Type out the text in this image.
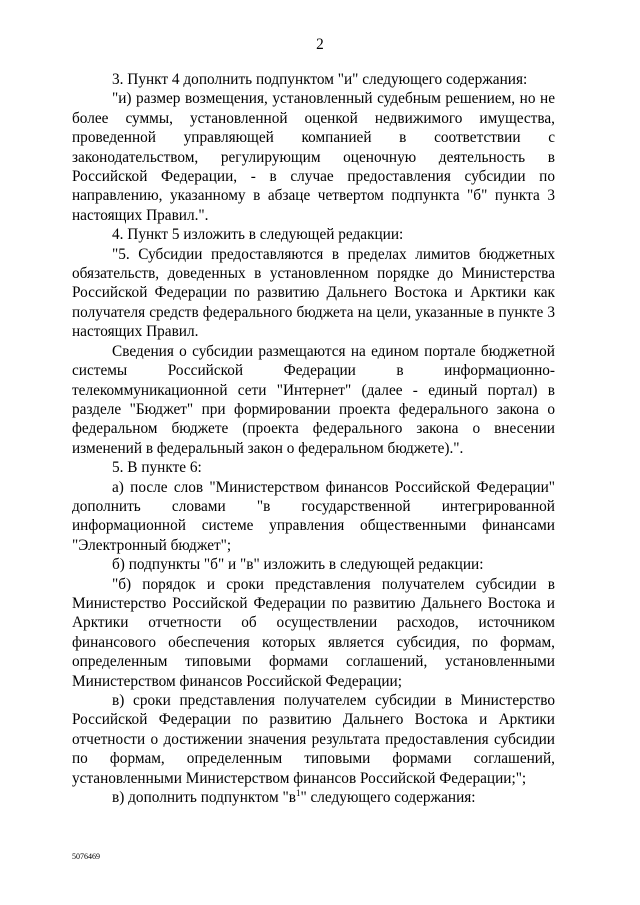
2

3. Пункт 4 дополнить подпунктом "и" следующего содержания:

"и) размер возмещения, установленный судебным решением, но не более суммы, установленной оценкой недвижимого имущества, проведенной управляющей компанией в соответствии с законодательством, регулирующим оценочную деятельность в Российской Федерации, - в случае предоставления субсидии по направлению, указанному в абзаце четвертом подпункта "б" пункта 3 настоящих Правил.".

4. Пункт 5 изложить в следующей редакции:

"5. Субсидии предоставляются в пределах лимитов бюджетных обязательств, доведенных в установленном порядке до Министерства Российской Федерации по развитию Дальнего Востока и Арктики как получателя средств федерального бюджета на цели, указанные в пункте 3 настоящих Правил.

Сведения о субсидии размещаются на едином портале бюджетной системы Российской Федерации в информационно-телекоммуникационной сети "Интернет" (далее - единый портал) в разделе "Бюджет" при формировании проекта федерального закона о федеральном бюджете (проекта федерального закона о внесении изменений в федеральный закон о федеральном бюджете).".

5. В пункте 6:

а) после слов "Министерством финансов Российской Федерации" дополнить словами "в государственной интегрированной информационной системе управления общественными финансами "Электронный бюджет";

б) подпункты "б" и "в" изложить в следующей редакции:

"б) порядок и сроки представления получателем субсидии в Министерство Российской Федерации по развитию Дальнего Востока и Арктики отчетности об осуществлении расходов, источником финансового обеспечения которых является субсидия, по формам, определенным типовыми формами соглашений, установленными Министерством финансов Российской Федерации;

в) сроки представления получателем субсидии в Министерство Российской Федерации по развитию Дальнего Востока и Арктики отчетности о достижении значения результата предоставления субсидии по формам, определенным типовыми формами соглашений, установленными Министерством финансов Российской Федерации;";

в) дополнить подпунктом "$в^1$" следующего содержания:

5076469
